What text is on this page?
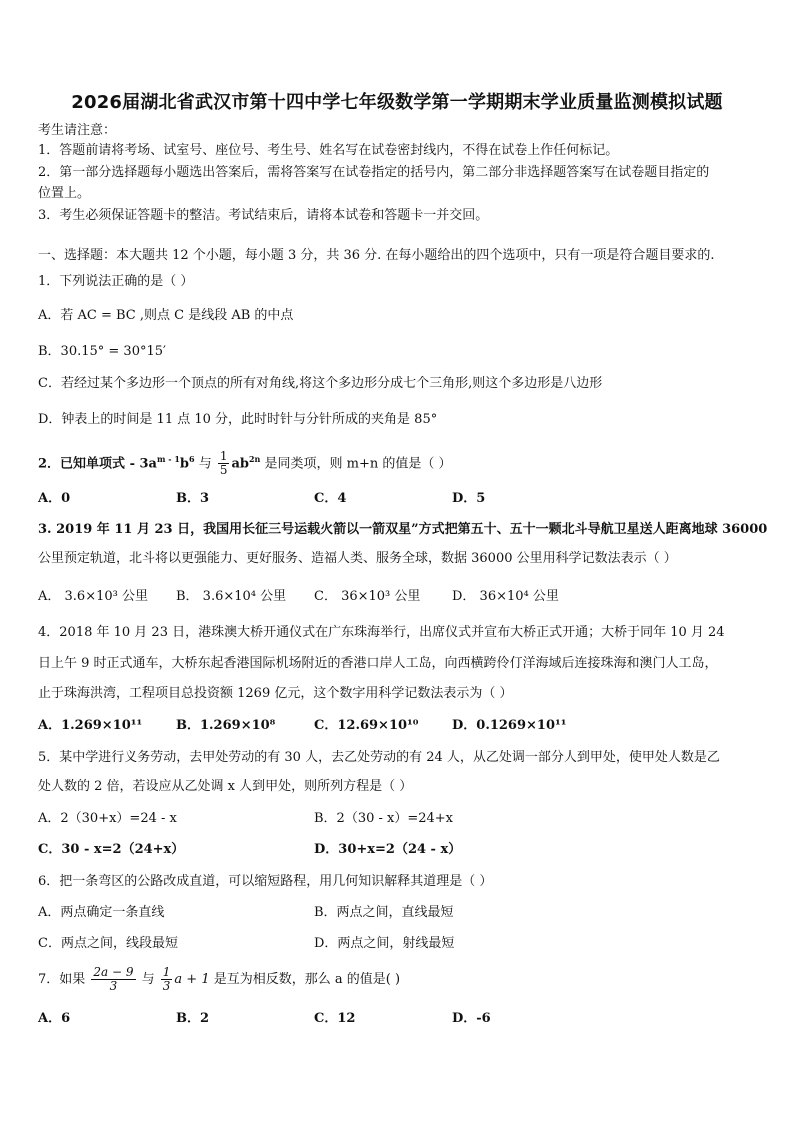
2026届湖北省武汉市第十四中学七年级数学第一学期期末学业质量监测模拟试题
考生请注意：
1．答题前请将考场、试室号、座位号、考生号、姓名写在试卷密封线内，不得在试卷上作任何标记。
2．第一部分选择题每小题选出答案后，需将答案写在试卷指定的括号内，第二部分非选择题答案写在试卷题目指定的
位置上。
3．考生必须保证答题卡的整洁。考试结束后，请将本试卷和答题卡一并交回。
一、选择题：本大题共 12 个小题，每小题 3 分，共 36 分. 在每小题给出的四个选项中，只有一项是符合题目要求的.
1．下列说法正确的是（ ）
A．若 AC = BC ,则点 C 是线段 AB 的中点
B．30.15° = 30°15′
C．若经过某个多边形一个顶点的所有对角线,将这个多边形分成七个三角形,则这个多边形是八边形
D．钟表上的时间是 11 点 10 分，此时时针与分针所成的夹角是 85°
2．已知单项式 - $3a^{m - 1}b^6$ 与 $\frac{1}{5} ab^{2n}$ 是同类项，则 m+n 的值是（ ）
A．0	B．3	C．4	D．5
3. 2019 年 11 月 23 日，我国用长征三号运载火箭以一箭双星”方式把第五十、五十一颗北斗导航卫星送人距离地球 36000
公里预定轨道，北斗将以更强能力、更好服务、造福人类、服务全球，数据 36000 公里用科学记数法表示（ ）
A． 3.6×10³ 公里 B． 3.6×10⁴ 公里 C． 36×10³ 公里 D． 36×10⁴ 公里
4．2018 年 10 月 23 日，港珠澳大桥开通仪式在广东珠海举行，出席仪式并宣布大桥正式开通；大桥于同年 10 月 24
日上午 9 时正式通车，大桥东起香港国际机场附近的香港口岸人工岛，向西横跨伶仃洋海域后连接珠海和澳门人工岛，
止于珠海洪湾，工程项目总投资额 1269 亿元，这个数字用科学记数法表示为（ ）
A．1.269×10¹¹	B．1.269×10⁸	C．12.69×10¹⁰	D．0.1269×10¹¹
5．某中学进行义务劳动，去甲处劳动的有 30 人，去乙处劳动的有 24 人，从乙处调一部分人到甲处，使甲处人数是乙
处人数的 2 倍，若设应从乙处调 x 人到甲处，则所列方程是（ ）
A．2（30+x）=24 - x	B．2（30 - x）=24+x
C．30 - x=2（24+x）	D．30+x=2（24 - x）
6．把一条弯区的公路改成直道，可以缩短路程，用几何知识解释其道理是（ ）
A．两点确定一条直线	B．两点之间，直线最短
C．两点之间，线段最短	D．两点之间，射线最短
7．如果 $\frac{2a - 9}{3}$ 与 $\frac{1}{3}$ a + 1 是互为相反数，那么 a 的值是( )
A．6	B．2	C．12	D．-6
